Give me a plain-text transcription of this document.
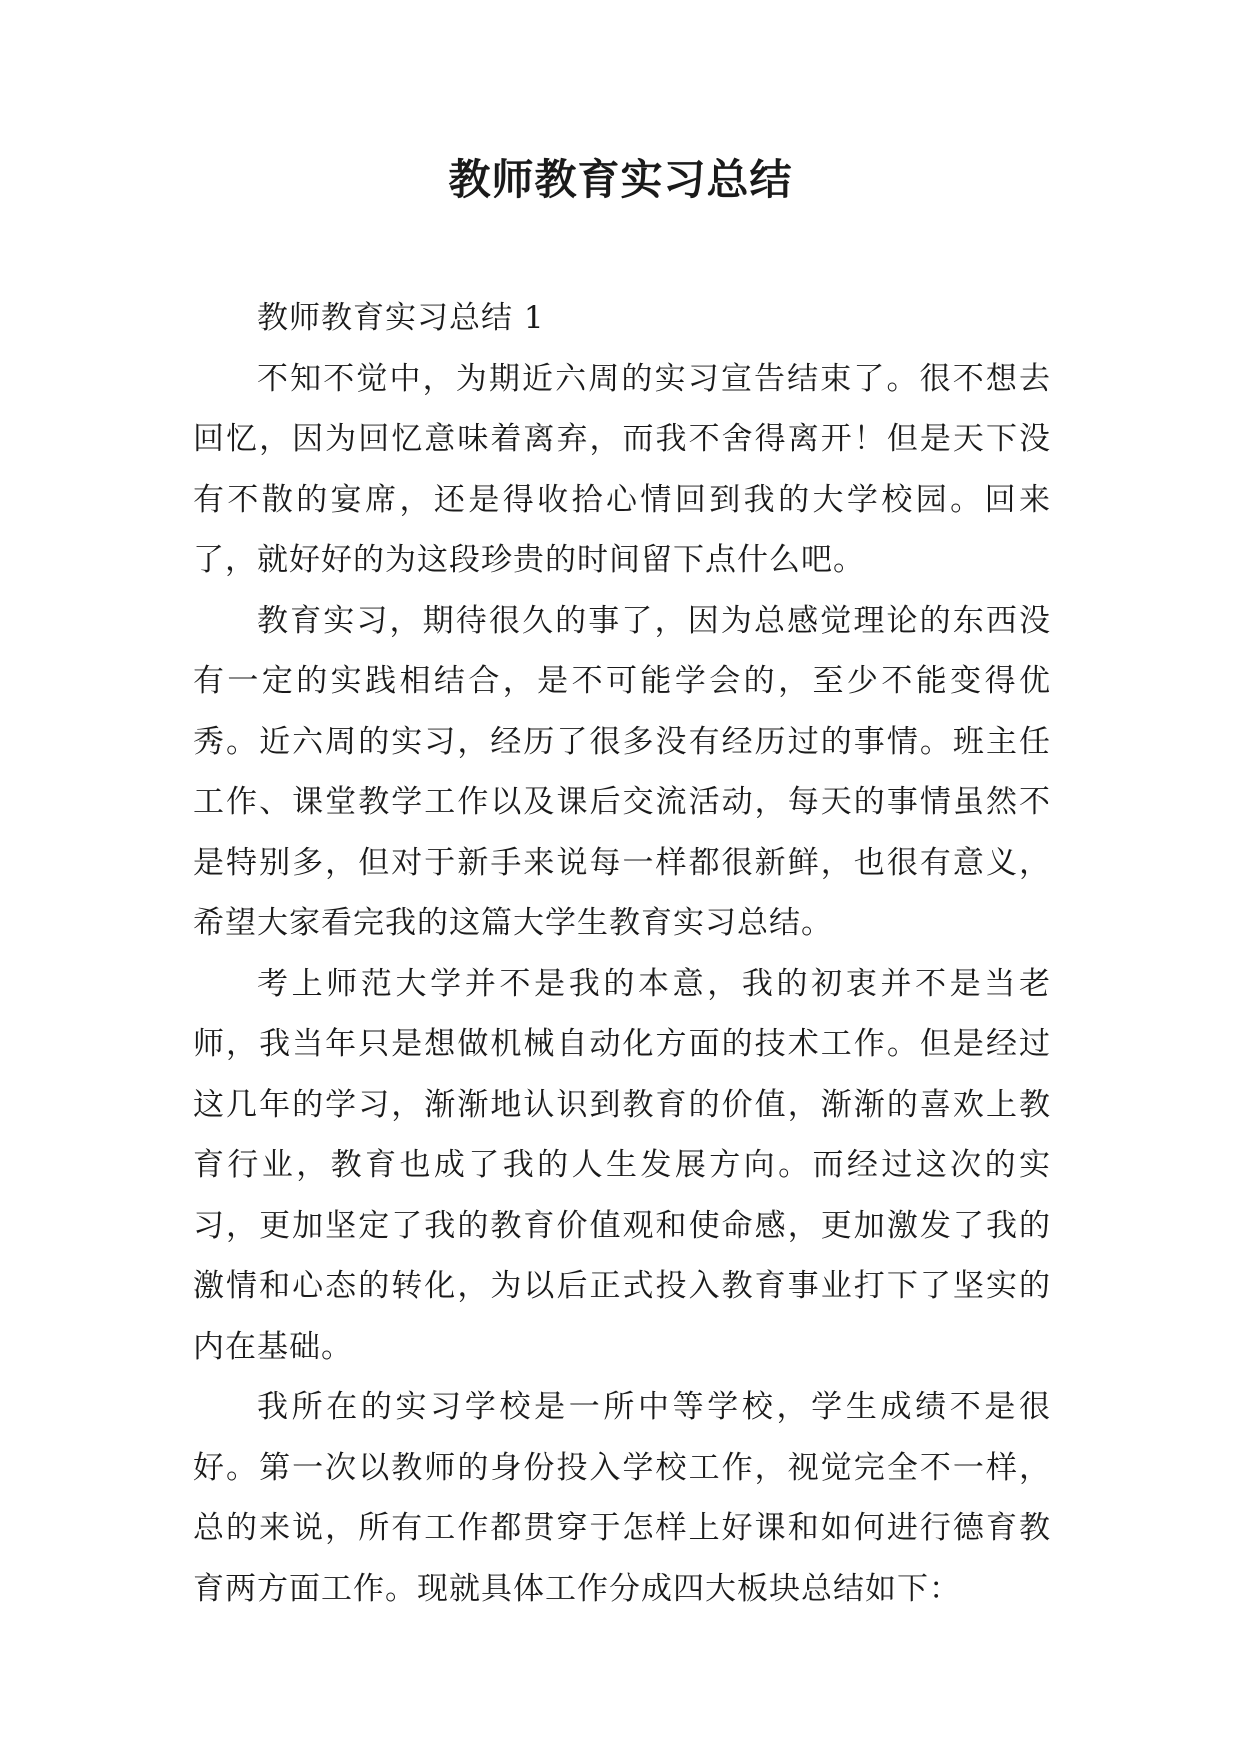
教师教育实习总结

教师教育实习总结 1

不知不觉中，为期近六周的实习宣告结束了。很不想去回忆，因为回忆意味着离弃，而我不舍得离开！但是天下没有不散的宴席，还是得收拾心情回到我的大学校园。回来了，就好好的为这段珍贵的时间留下点什么吧。

教育实习，期待很久的事了，因为总感觉理论的东西没有一定的实践相结合，是不可能学会的，至少不能变得优秀。近六周的实习，经历了很多没有经历过的事情。班主任工作、课堂教学工作以及课后交流活动，每天的事情虽然不是特别多，但对于新手来说每一样都很新鲜，也很有意义，希望大家看完我的这篇大学生教育实习总结。

考上师范大学并不是我的本意，我的初衷并不是当老师，我当年只是想做机械自动化方面的技术工作。但是经过这几年的学习，渐渐地认识到教育的价值，渐渐的喜欢上教育行业，教育也成了我的人生发展方向。而经过这次的实习，更加坚定了我的教育价值观和使命感，更加激发了我的激情和心态的转化，为以后正式投入教育事业打下了坚实的内在基础。

我所在的实习学校是一所中等学校，学生成绩不是很好。第一次以教师的身份投入学校工作，视觉完全不一样，总的来说，所有工作都贯穿于怎样上好课和如何进行德育教育两方面工作。现就具体工作分成四大板块总结如下：
